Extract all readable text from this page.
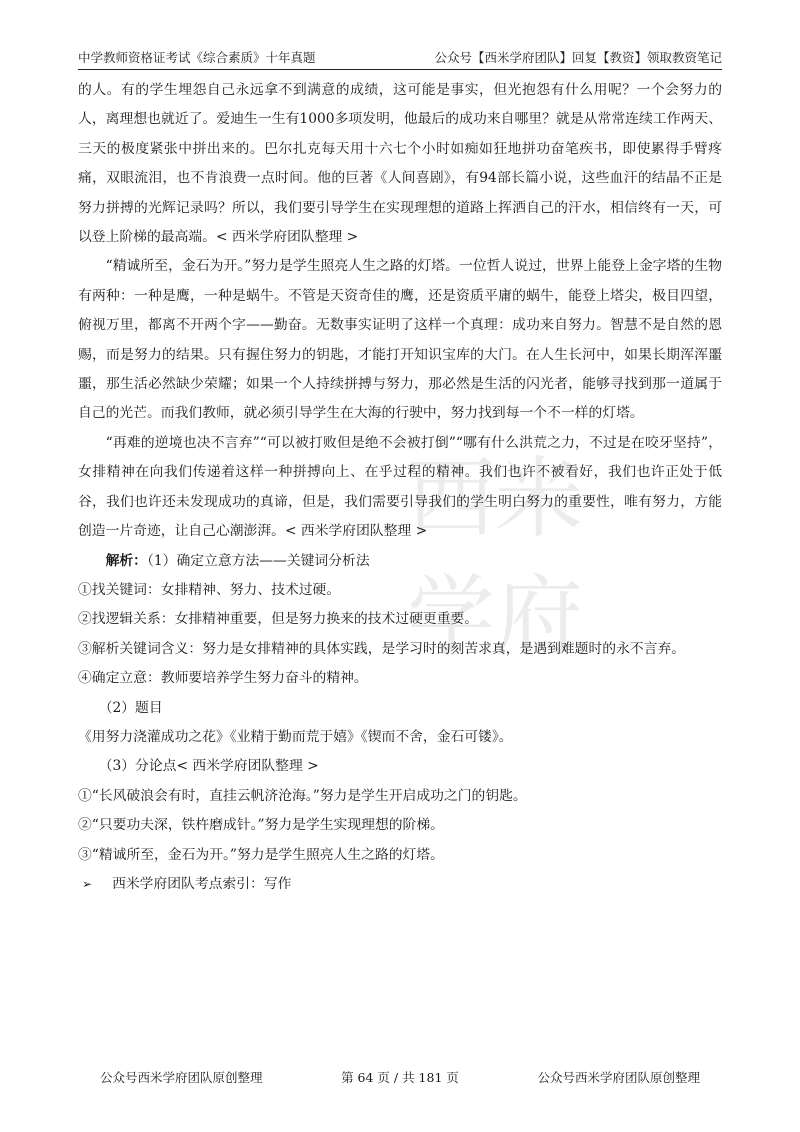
中学教师资格证考试《综合素质》十年真题	公众号【西米学府团队】回复【教资】领取教资笔记
西米
学府

的人。有的学生埋怨自己永远拿不到满意的成绩，这可能是事实，但光抱怨有什么用呢？一个会努力的人，离理想也就近了。爱迪生一生有1000多项发明，他最后的成功来自哪里？就是从常常连续工作两天、三天的极度紧张中拼出来的。巴尔扎克每天用十六七个小时如痴如狂地拼功奋笔疾书，即使累得手臂疼痛，双眼流泪，也不肯浪费一点时间。他的巨著《人间喜剧》，有94部长篇小说，这些血汗的结晶不正是努力拼搏的光辉记录吗？所以，我们要引导学生在实现理想的道路上挥洒自己的汗水，相信终有一天，可以登上阶梯的最高端。< 西米学府团队整理 >

“精诚所至，金石为开。”努力是学生照亮人生之路的灯塔。一位哲人说过，世界上能登上金字塔的生物有两种：一种是鹰，一种是蜗牛。不管是天资奇佳的鹰，还是资质平庸的蜗牛，能登上塔尖，极目四望，俯视万里，都离不开两个字——勤奋。无数事实证明了这样一个真理：成功来自努力。智慧不是自然的恩赐，而是努力的结果。只有握住努力的钥匙，才能打开知识宝库的大门。在人生长河中，如果长期浑浑噩噩，那生活必然缺少荣耀；如果一个人持续拼搏与努力，那必然是生活的闪光者，能够寻找到那一道属于自己的光芒。而我们教师，就必须引导学生在大海的行驶中，努力找到每一个不一样的灯塔。

“再难的逆境也决不言弃”“可以被打败但是绝不会被打倒”“哪有什么洪荒之力，不过是在咬牙坚持”，女排精神在向我们传递着这样一种拼搏向上、在乎过程的精神。我们也许不被看好，我们也许正处于低谷，我们也许还未发现成功的真谛，但是，我们需要引导我们的学生明白努力的重要性，唯有努力，方能创造一片奇迹，让自己心潮澎湃。< 西米学府团队整理 >

解析：（1）确定立意方法——关键词分析法

①找关键词：女排精神、努力、技术过硬。

②找逻辑关系：女排精神重要，但是努力换来的技术过硬更重要。

③解析关键词含义：努力是女排精神的具体实践，是学习时的刻苦求真，是遇到难题时的永不言弃。

④确定立意：教师要培养学生努力奋斗的精神。

（2）题目

《用努力浇灌成功之花》《业精于勤而荒于嬉》《锲而不舍，金石可镂》。

（3）分论点< 西米学府团队整理 >

①“长风破浪会有时，直挂云帆济沧海。”努力是学生开启成功之门的钥匙。

②“只要功夫深，铁杵磨成针。”努力是学生实现理想的阶梯。

③“精诚所至，金石为开。”努力是学生照亮人生之路的灯塔。

➢ 西米学府团队考点索引：写作
公众号西米学府团队原创整理	第 64 页 / 共 181 页	公众号西米学府团队原创整理
